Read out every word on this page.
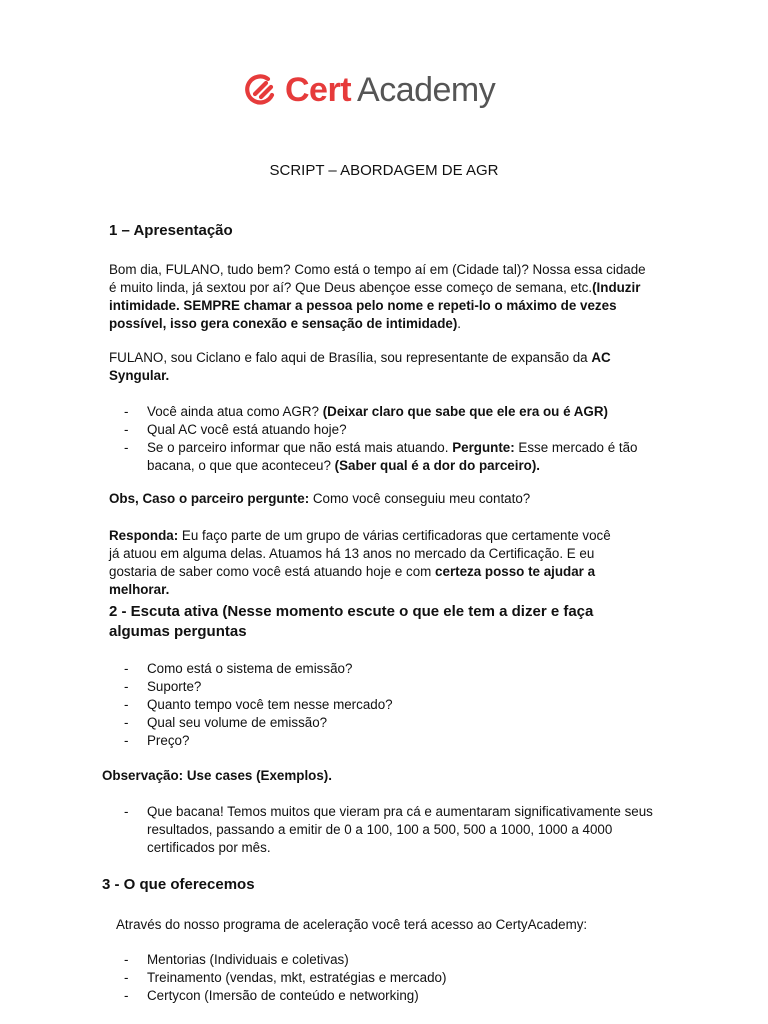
Cert Academy
SCRIPT – ABORDAGEM DE AGR
1 – Apresentação
Bom dia, FULANO, tudo bem? Como está o tempo aí em (Cidade tal)? Nossa essa cidade é muito linda, já sextou por aí? Que Deus abençoe esse começo de semana, etc.(Induzir intimidade. SEMPRE chamar a pessoa pelo nome e repeti-lo o máximo de vezes possível, isso gera conexão e sensação de intimidade).
FULANO, sou Ciclano e falo aqui de Brasília, sou representante de expansão da AC Syngular.
- Você ainda atua como AGR? (Deixar claro que sabe que ele era ou é AGR)
- Qual AC você está atuando hoje?
- Se o parceiro informar que não está mais atuando. Pergunte: Esse mercado é tão bacana, o que que aconteceu? (Saber qual é a dor do parceiro).
Obs, Caso o parceiro pergunte: Como você conseguiu meu contato?
Responda: Eu faço parte de um grupo de várias certificadoras que certamente você já atuou em alguma delas. Atuamos há 13 anos no mercado da Certificação. E eu gostaria de saber como você está atuando hoje e com certeza posso te ajudar a melhorar.
2 - Escuta ativa (Nesse momento escute o que ele tem a dizer e faça algumas perguntas
- Como está o sistema de emissão?
- Suporte?
- Quanto tempo você tem nesse mercado?
- Qual seu volume de emissão?
- Preço?
Observação: Use cases (Exemplos).
- Que bacana! Temos muitos que vieram pra cá e aumentaram significativamente seus resultados, passando a emitir de 0 a 100, 100 a 500, 500 a 1000, 1000 a 4000 certificados por mês.
3 - O que oferecemos
Através do nosso programa de aceleração você terá acesso ao CertyAcademy:
- Mentorias (Individuais e coletivas)
- Treinamento (vendas, mkt, estratégias e mercado)
- Certycon (Imersão de conteúdo e networking)
